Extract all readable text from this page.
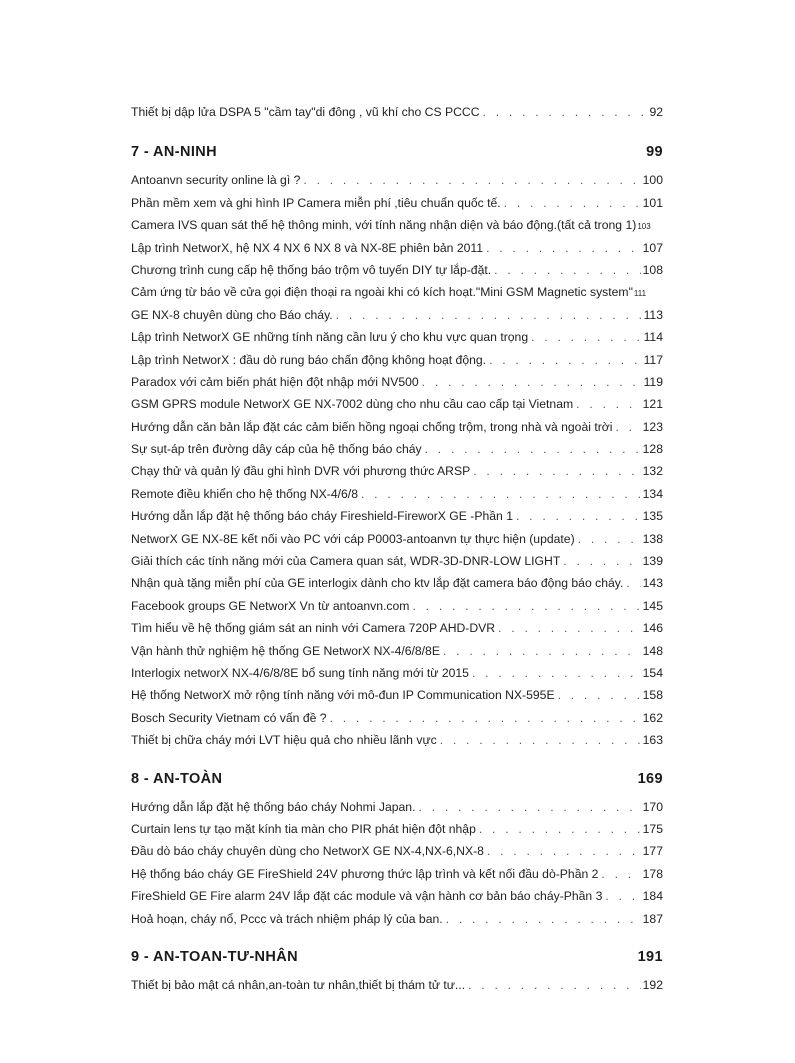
Thiết bị dập lửa DSPA 5 "cầm tay"di đông , vũ khí cho CS PCCC . . .	92
7 - AN-NINH	99
Antoanvn security online là gì ? . . .	100
Phần mềm xem và ghi hình IP Camera miễn phí ,tiêu chuẩn quốc tế. . . .	101
Camera IVS quan sát thế hệ thông minh, với tính năng nhận diện và báo động.(tất cả trong 1) 103
Lập trình NetworX, hệ NX 4 NX 6 NX 8 và NX-8E phiên bản 2011 . . .	107
Chương trình cung cấp hệ thống báo trộm vô tuyến DIY tự lắp-đặt. . . .	108
Cảm ứng từ báo về cửa gọi điện thoại ra ngoài khi có kích hoạt."Mini GSM Magnetic system" 111
GE NX-8 chuyên dùng cho Báo cháy. . . .	113
Lập trình NetworX GE những tính năng cần lưu ý cho khu vực quan trọng . . .	114
Lập trình NetworX : đầu dò rung báo chấn động không hoạt động. . . .	117
Paradox với cảm biến phát hiện đột nhập mới NV500 . . .	119
GSM GPRS module NetworX GE NX-7002 dùng cho nhu cầu cao cấp tại Vietnam . . .	121
Hướng dẫn căn bản lắp đặt các cảm biến hồng ngoại chống trộm, trong nhà và ngoài trời . . . 123
Sự sụt-áp trên đường dây cáp của hệ thống báo cháy . . .	128
Chạy thử và quản lý đầu ghi hình DVR với phương thức ARSP . . .	132
Remote điều khiển cho hệ thống NX-4/6/8 . . .	134
Hướng dẫn lắp đặt hệ thống báo cháy Fireshield-FireworX GE -Phần 1 . . .	135
NetworX GE NX-8E kết nối vào PC với cáp P0003-antoanvn tự thực hiện (update) . . .	138
Giải thích các tính năng mới của Camera quan sát, WDR-3D-DNR-LOW LIGHT . . .	139
Nhận quà tặng miễn phí của GE interlogix dành cho ktv lắp đặt camera báo động báo cháy. . . . 143
Facebook groups GE NetworX Vn từ antoanvn.com . . .	145
Tìm hiểu về hệ thống giám sát an ninh với Camera 720P AHD-DVR . . .	146
Vận hành thử nghiệm hệ thống GE NetworX NX-4/6/8/8E . . .	148
Interlogix networX NX-4/6/8/8E bổ sung tính năng mới từ 2015 . . .	154
Hệ thống NetworX mở rộng tính năng với mô-đun IP Communication NX-595E . . .	158
Bosch Security Vietnam có vấn đề ? . . .	162
Thiết bị chữa cháy mới LVT hiệu quả cho nhiều lãnh vực . . .	163
8 - AN-TOÀN	169
Hướng dẫn lắp đặt hệ thống báo cháy Nohmi Japan. . . .	170
Curtain lens tự tạo mặt kính tia màn cho PIR phát hiện đột nhập . . .	175
Đầu dò báo cháy chuyên dùng cho NetworX GE NX-4,NX-6,NX-8 . . .	177
Hệ thống báo cháy GE FireShield 24V phương thức lập trình và kết nối đầu dò-Phần 2 . . .	178
FireShield GE Fire alarm 24V lắp đặt các module và vận hành cơ bản báo cháy-Phần 3 . . .	184
Hoả hoạn, cháy nổ, Pccc và trách nhiệm pháp lý của ban. . . .	187
9 - AN-TOAN-TƯ-NHÂN	191
Thiết bị bảo mật cá nhân,an-toàn tư nhân,thiết bị thám tử tư... . . .	192
